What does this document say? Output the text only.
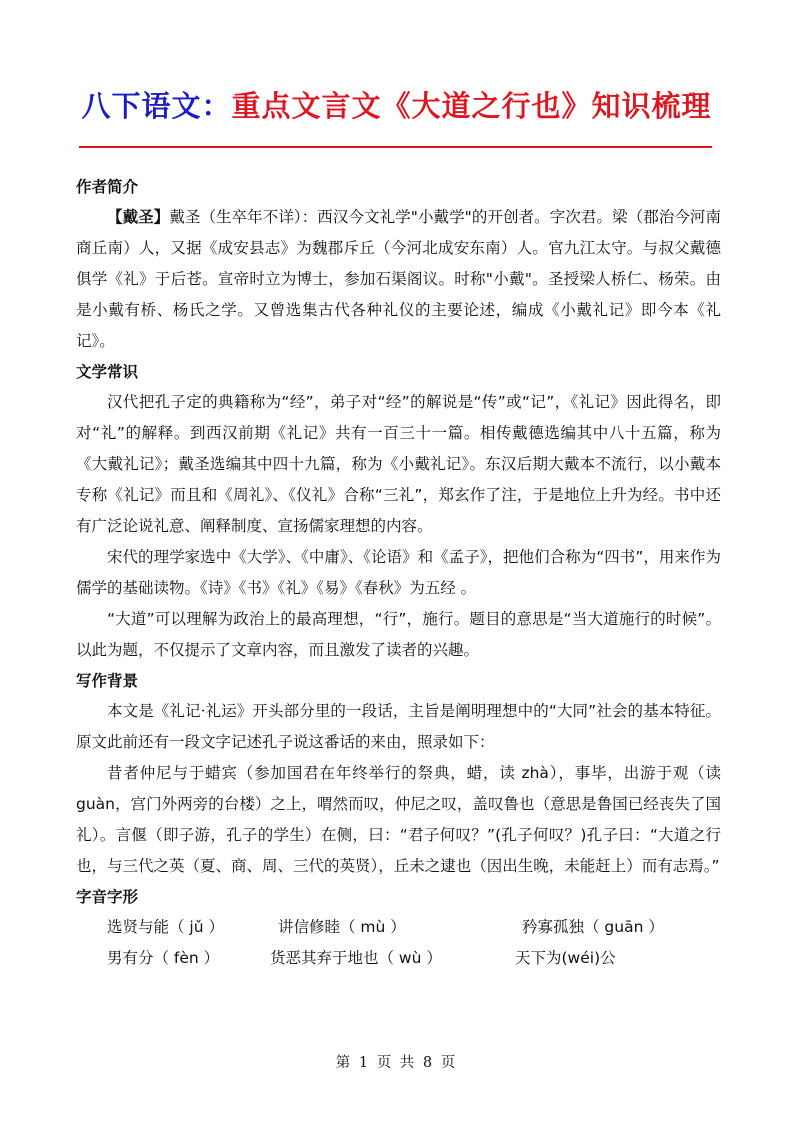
八下语文：重点文言文《大道之行也》知识梳理
作者简介

【戴圣】戴圣（生卒年不详）：西汉今文礼学"小戴学"的开创者。字次君。梁（郡治今河南商丘南）人，又据《成安县志》为魏郡斥丘（今河北成安东南）人。官九江太守。与叔父戴德俱学《礼》于后苍。宣帝时立为博士，参加石渠阁议。时称"小戴"。圣授梁人桥仁、杨荣。由是小戴有桥、杨氏之学。又曾选集古代各种礼仪的主要论述，编成《小戴礼记》即今本《礼记》。

文学常识

汉代把孔子定的典籍称为“经”，弟子对“经”的解说是“传”或“记”，《礼记》因此得名，即对“礼”的解释。到西汉前期《礼记》共有一百三十一篇。相传戴德选编其中八十五篇，称为《大戴礼记》；戴圣选编其中四十九篇，称为《小戴礼记》。东汉后期大戴本不流行，以小戴本专称《礼记》而且和《周礼》、《仪礼》合称“三礼”，郑玄作了注，于是地位上升为经。书中还有广泛论说礼意、阐释制度、宣扬儒家理想的内容。

宋代的理学家选中《大学》、《中庸》、《论语》和《孟子》，把他们合称为“四书”，用来作为儒学的基础读物。《诗》《书》《礼》《易》《春秋》为五经 。

“大道”可以理解为政治上的最高理想，“行”，施行。题目的意思是“当大道施行的时候”。以此为题，不仅提示了文章内容，而且激发了读者的兴趣。

写作背景

本文是《礼记·礼运》开头部分里的一段话，主旨是阐明理想中的“大同”社会的基本特征。原文此前还有一段文字记述孔子说这番话的来由，照录如下：

昔者仲尼与于蜡宾（参加国君在年终举行的祭典，蜡，读 zhà），事毕，出游于观（读 guàn，宫门外两旁的台楼）之上，喟然而叹，仲尼之叹，盖叹鲁也（意思是鲁国已经丧失了国礼）。言偃（即子游，孔子的学生）在侧，曰：“君子何叹？”(孔子何叹？)孔子曰：“大道之行也，与三代之英（夏、商、周、三代的英贤），丘未之逮也（因出生晚，未能赶上）而有志焉。”

字音字形
选贤与能（ jǔ ）	讲信修睦（ mù ）	矜寡孤独（ guān ）
男有分（ fèn ）	货恶其弃于地也（ wù ）	天下为(wéi)公
第 1 页 共 8 页
